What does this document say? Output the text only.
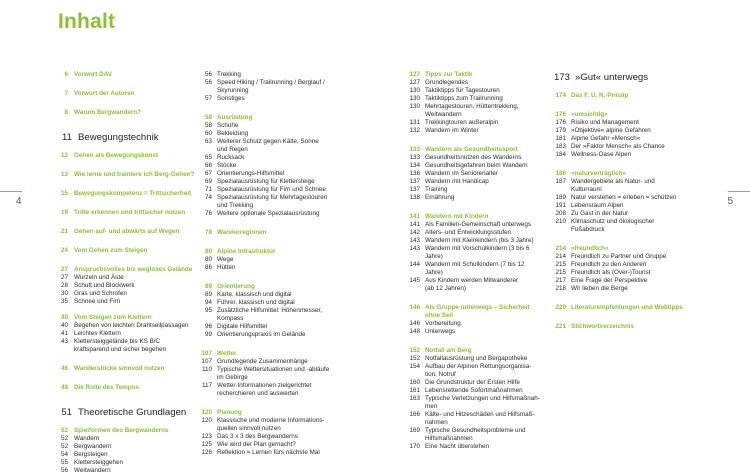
Inhalt
6 Vorwort DAV
7 Vorwort der Autoren
8 Warum Bergwandern?
11 Bewegungstechnik
12 Gehen als Bewegungskunst
13 Wie lerne und trainiere ich Berg-Gehen?
15 Bewegungskompetenz = Trittsicherheit
19 Tritte erkennen und trittsicher nutzen
21 Gehen auf- und abwärts auf Wegen
24 Vom Gehen zum Steigen
27 Anspruchsvolles bis wegloses Gelände
27 Wurzeln und Äste
28 Schutt und Blockwerk
30 Gras und Schrofen
35 Schnee und Firn
40 Vom Steigen zum Klettern
40 Begehen von leichten Drahtseilpassagen
41 Leichtes Klettern
43 Klettersteiggelände bis KS B/C
kraftsparend und sicher begehen
46 Wanderstöcke sinnvoll nutzen
48 Die Rolle des Tempos
51 Theoretische Grundlagen
52 Spielformen des Bergwanderns
52 Wandern
52 Bergwandern
54 Bergsteigen
55 Klettersteiggehen
56 Weitwandern
56 Trekking
56 Speed Hiking / Trailrunning / Berglauf /
Skyrunning
57 Sonstiges
58 Ausrüstung
58 Schuhe
60 Bekleidung
63 Weiterer Schutz gegen Kälte, Sonne
und Regen
65 Rucksack
66 Stöcke
67 Orientierungs-Hilfsmittel
69 Spezialausrüstung für Klettersteige
71 Spezialausrüstung für Firn und Schnee
74 Spezialausrüstung für Mehrtagestouren
und Trekking
76 Weitere optionale Spezialausrüstung
78 Wanderregionen
80 Alpine Infrastruktur
80 Wege
86 Hütten
89 Orientierung
89 Karte, klassisch und digital
94 Führer, klassisch und digital
95 Zusätzliche Hilfsmittel: Höhenmesser,
Kompass
96 Digitale Hilfsmittel
99 Orientierungspraxis im Gelände
107 Wetter
107 Grundlegende Zusammenhänge
110 Typische Wettersituationen und -abläufe
im Gebirge
117 Wetter-Informationen zielgerichtet
recherchieren und auswerten
120 Planung
120 Klassische und moderne Informations-
quellen sinnvoll nutzen
123 Das 3 x 3 des Bergwanderns
125 Wie wird der Plan gemacht?
126 Reflektion = Lernen fürs nächste Mal
127 Tipps zur Taktik
127 Grundlegendes
130 Taktiktipps für Tagestouren
130 Taktiktipps zum Trailrunning
130 Mehrtagestouren, Hüttentrekking,
Weitwandern
131 Trekkingtouren außeralpin
132 Wandern im Winter
133 Wandern als Gesundheitssport
133 Gesundheitsnutzen des Wanderns
134 Gesundheitsgefahren beim Wandern
136 Wandern im Seniorenalter
137 Wandern mit Handicap
137 Training
138 Ernährung
141 Wandern mit Kindern
141 Als Familien-Gemeinschaft unterwegs
142 Alters- und Entwicklungsstufen
143 Wandern mit Kleinkindern (bis 3 Jahre)
143 Wandern mit Vorschulkindern (3 bis 6
Jahre)
144 Wandern mit Schulkindern (7 bis 12
Jahre)
145 Aus Kindern werden Mitwanderer
(ab 12 Jahren)
146 Als Gruppe unterwegs – Sicherheit
ohne Seil
146 Vorbereitung
148 Unterwegs
152 Notfall am Berg
152 Notfallausrüstung und Bergapotheke
154 Aufbau der Alpinen Rettungsorganisa-
tion, Notruf
160 Die Grundstruktur der Ersten Hilfe
161 Lebensrettende Sofortmaßnahmen
163 Typische Verletzungen und Hilfsmaßnah-
men
166 Kälte- und Hitzeschäden und Hilfsmaß-
nahmen
169 Typische Gesundheitsprobleme und
Hilfsmaßnahmen
170 Eine Nacht überstehen
173 »Gut« unterwegs
174 Das F. U. N.-Prinzip
176 »umsichtig«
176 Risiko und Management
179 »Objektive« alpine Gefahren
181 Alpine Gefahr »Mensch«
183 Der »Faktor Mensch« als Chance
184 Wellness-Oase Alpen
186 »naturverträglich«
187 Wandergebiete als Natur- und
Kulturraum
189 Natur verstehen = erleben = schützen
191 Lebensraum Alpen
208 Zu Gast in der Natur
210 Klimaschutz und ökologischer
Fußabdruck
214 »freundlich«
214 Freundlich zu Partner und Gruppe
215 Freundlich zu den Anderen
215 Freundlich als (Over-)Tourist
217 Eine Frage der Perspektive
218 Wir lieben die Berge
220 Literaturempfehlungen und Webtipps
221 Stichwortverzeichnis
4	5
